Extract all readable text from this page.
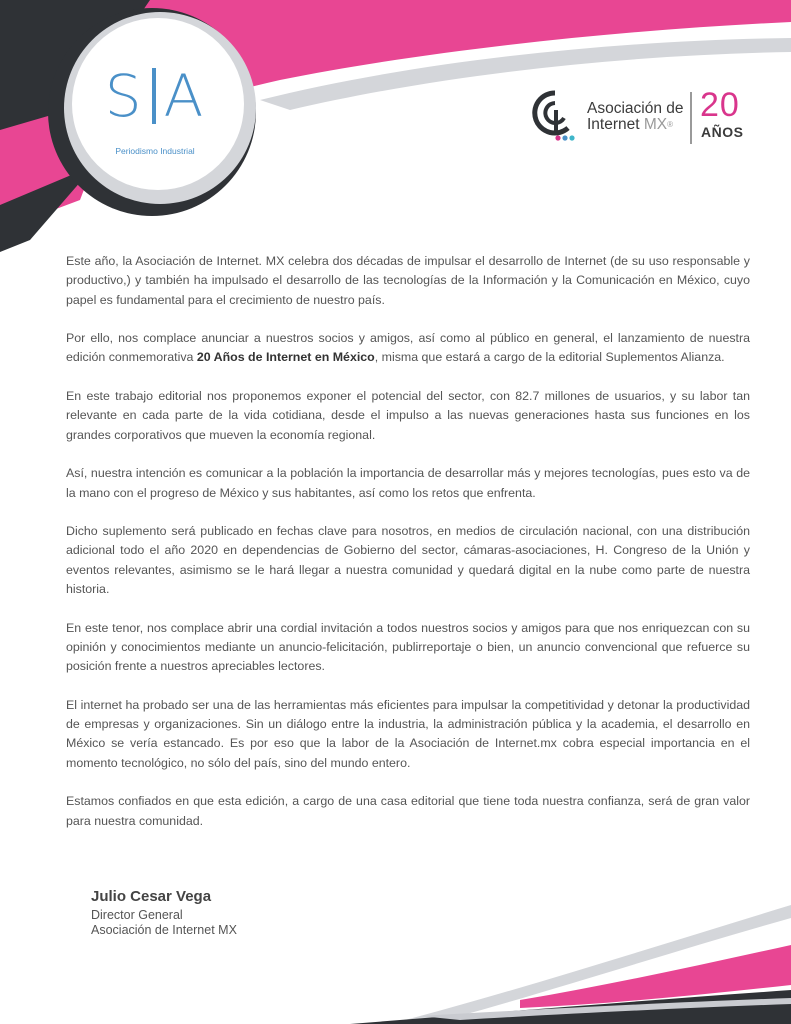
S A
Periodismo Industrial
Asociación de
Internet MX®
20
AÑOS

Este año, la Asociación de Internet. MX celebra dos décadas de impulsar el desarrollo de Internet (de su uso responsable y productivo,) y también ha impulsado el desarrollo de las tecnologías de la Información y la Comunicación en México, cuyo papel es fundamental para el crecimiento de nuestro país.

Por ello, nos complace anunciar a nuestros socios y amigos, así como al público en general, el lanzamiento de nuestra edición conmemorativa 20 Años de Internet en México, misma que estará a cargo de la editorial Suplementos Alianza.

En este trabajo editorial nos proponemos exponer el potencial del sector, con 82.7 millones de usuarios, y su labor tan relevante en cada parte de la vida cotidiana, desde el impulso a las nuevas generaciones hasta sus funciones en los grandes corporativos que mueven la economía regional.

Así, nuestra intención es comunicar a la población la importancia de desarrollar más y mejores tecnologías, pues esto va de la mano con el progreso de México y sus habitantes, así como los retos que enfrenta.

Dicho suplemento será publicado en fechas clave para nosotros, en medios de circulación nacional, con una distribución adicional todo el año 2020 en dependencias de Gobierno del sector, cámaras-asociaciones, H. Congreso de la Unión y eventos relevantes, asimismo se le hará llegar a nuestra comunidad y quedará digital en la nube como parte de nuestra historia.

En este tenor, nos complace abrir una cordial invitación a todos nuestros socios y amigos para que nos enriquezcan con su opinión y conocimientos mediante un anuncio-felicitación, publirreportaje o bien, un anuncio convencional que refuerce su posición frente a nuestros apreciables lectores.

El internet ha probado ser una de las herramientas más eficientes para impulsar la competitividad y detonar la productividad de empresas y organizaciones. Sin un diálogo entre la industria, la administración pública y la academia, el desarrollo en México se vería estancado. Es por eso que la labor de la Asociación de Internet.mx cobra especial importancia en el momento tecnológico, no sólo del país, sino del mundo entero.

Estamos confiados en que esta edición, a cargo de una casa editorial que tiene toda nuestra confianza, será de gran valor para nuestra comunidad.

Julio Cesar Vega
Director General
Asociación de Internet MX
